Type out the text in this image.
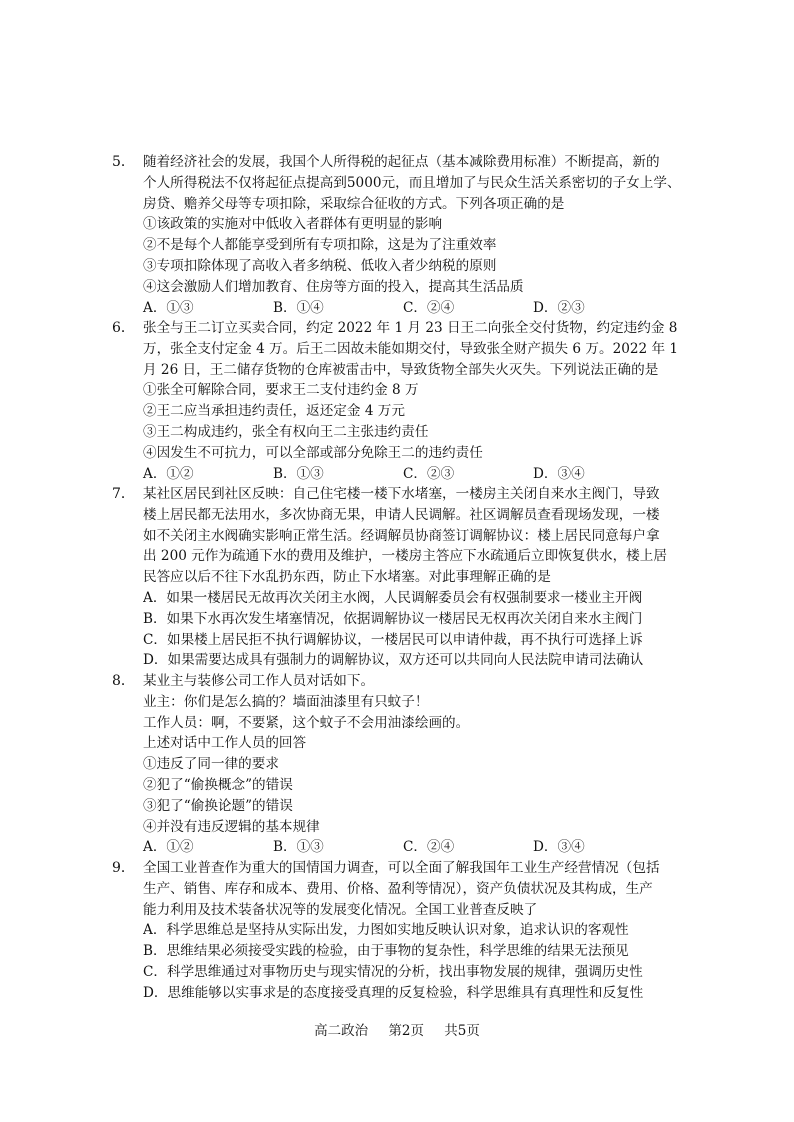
5． 随着经济社会的发展，我国个人所得税的起征点（基本减除费用标准）不断提高，新的
个人所得税法不仅将起征点提高到5000元，而且增加了与民众生活关系密切的子女上学、
房贷、赡养父母等专项扣除，采取综合征收的方式。下列各项正确的是
①该政策的实施对中低收入者群体有更明显的影响
②不是每个人都能享受到所有专项扣除，这是为了注重效率
③专项扣除体现了高收入者多纳税、低收入者少纳税的原则
④这会激励人们增加教育、住房等方面的投入，提高其生活品质
A．①③	B．①④	C．②④	D．②③
6． 张全与王二订立买卖合同，约定 2022 年 1 月 23 日王二向张全交付货物，约定违约金 8
万，张全支付定金 4 万。后王二因故未能如期交付，导致张全财产损失 6 万。2022 年 1
月 26 日，王二储存货物的仓库被雷击中，导致货物全部失火灭失。下列说法正确的是
①张全可解除合同，要求王二支付违约金 8 万
②王二应当承担违约责任，返还定金 4 万元
③王二构成违约，张全有权向王二主张违约责任
④因发生不可抗力，可以全部或部分免除王二的违约责任
A．①②	B．①③	C．②③	D．③④
7． 某社区居民到社区反映：自己住宅楼一楼下水堵塞，一楼房主关闭自来水主阀门，导致
楼上居民都无法用水，多次协商无果，申请人民调解。社区调解员查看现场发现，一楼
如不关闭主水阀确实影响正常生活。经调解员协商签订调解协议：楼上居民同意每户拿
出 200 元作为疏通下水的费用及维护，一楼房主答应下水疏通后立即恢复供水，楼上居
民答应以后不往下水乱扔东西，防止下水堵塞。对此事理解正确的是
A．如果一楼居民无故再次关闭主水阀，人民调解委员会有权强制要求一楼业主开阀
B．如果下水再次发生堵塞情况，依据调解协议一楼居民无权再次关闭自来水主阀门
C．如果楼上居民拒不执行调解协议，一楼居民可以申请仲裁，再不执行可选择上诉
D．如果需要达成具有强制力的调解协议，双方还可以共同向人民法院申请司法确认
8． 某业主与装修公司工作人员对话如下。
业主：你们是怎么搞的？墙面油漆里有只蚊子！
工作人员：啊，不要紧，这个蚊子不会用油漆绘画的。
上述对话中工作人员的回答
①违反了同一律的要求
②犯了“偷换概念”的错误
③犯了“偷换论题”的错误
④并没有违反逻辑的基本规律
A．①②	B．①③	C．②④	D．③④
9． 全国工业普查作为重大的国情国力调查，可以全面了解我国年工业生产经营情况（包括
生产、销售、库存和成本、费用、价格、盈利等情况），资产负债状况及其构成，生产
能力利用及技术装备状况等的发展变化情况。全国工业普查反映了
A．科学思维总是坚持从实际出发，力图如实地反映认识对象，追求认识的客观性
B．思维结果必须接受实践的检验，由于事物的复杂性，科学思维的结果无法预见
C．科学思维通过对事物历史与现实情况的分析，找出事物发展的规律，强调历史性
D．思维能够以实事求是的态度接受真理的反复检验，科学思维具有真理性和反复性
高二政治 第2页 共5页
